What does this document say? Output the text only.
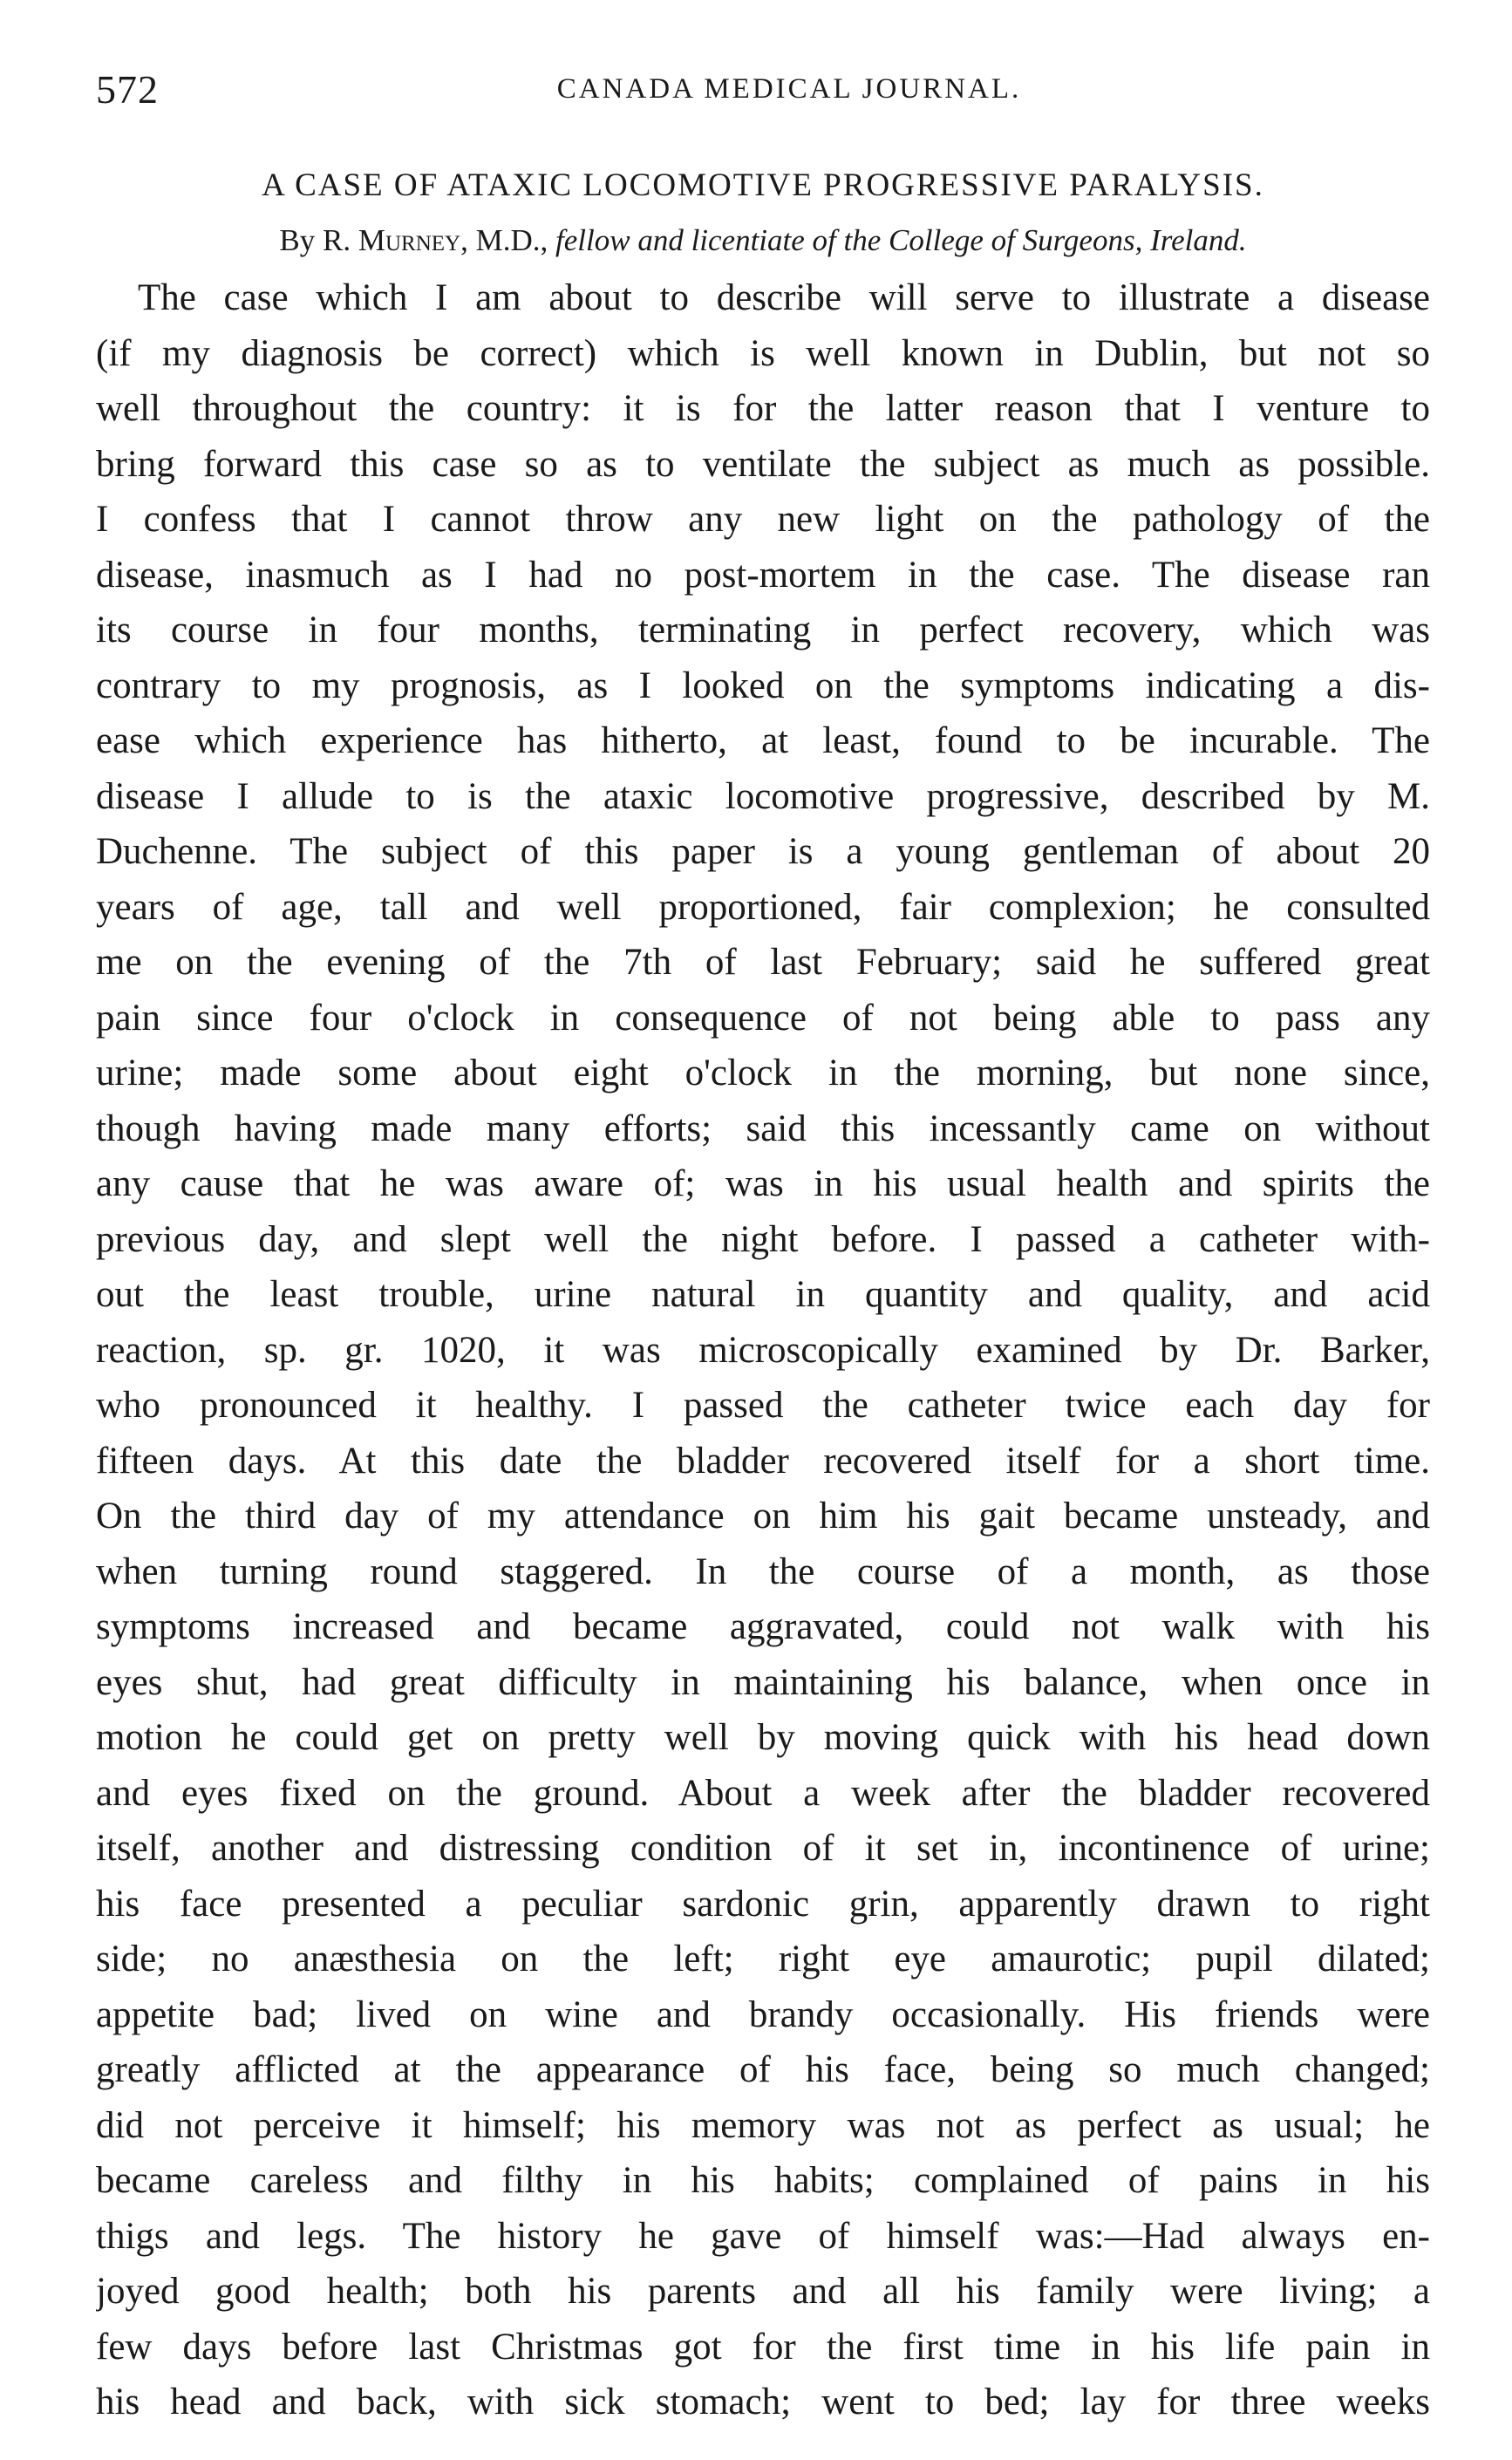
572	CANADA MEDICAL JOURNAL.
A CASE OF ATAXIC LOCOMOTIVE PROGRESSIVE PARALYSIS.
By R. Murney, M.D., fellow and licentiate of the College of Surgeons, Ireland.
The case which I am about to describe will serve to illustrate a disease
(if my diagnosis be correct) which is well known in Dublin, but not so
well throughout the country: it is for the latter reason that I venture to
bring forward this case so as to ventilate the subject as much as possible.
I confess that I cannot throw any new light on the pathology of the
disease, inasmuch as I had no post-mortem in the case. The disease ran
its course in four months, terminating in perfect recovery, which was
contrary to my prognosis, as I looked on the symptoms indicating a dis-
ease which experience has hitherto, at least, found to be incurable. The
disease I allude to is the ataxic locomotive progressive, described by M.
Duchenne. The subject of this paper is a young gentleman of about 20
years of age, tall and well proportioned, fair complexion; he consulted
me on the evening of the 7th of last February; said he suffered great
pain since four o'clock in consequence of not being able to pass any
urine; made some about eight o'clock in the morning, but none since,
though having made many efforts; said this incessantly came on without
any cause that he was aware of; was in his usual health and spirits the
previous day, and slept well the night before. I passed a catheter with-
out the least trouble, urine natural in quantity and quality, and acid
reaction, sp. gr. 1020, it was microscopically examined by Dr. Barker,
who pronounced it healthy. I passed the catheter twice each day for
fifteen days. At this date the bladder recovered itself for a short time.
On the third day of my attendance on him his gait became unsteady, and
when turning round staggered. In the course of a month, as those
symptoms increased and became aggravated, could not walk with his
eyes shut, had great difficulty in maintaining his balance, when once in
motion he could get on pretty well by moving quick with his head down
and eyes fixed on the ground. About a week after the bladder recovered
itself, another and distressing condition of it set in, incontinence of urine;
his face presented a peculiar sardonic grin, apparently drawn to right
side; no anæsthesia on the left; right eye amaurotic; pupil dilated;
appetite bad; lived on wine and brandy occasionally. His friends were
greatly afflicted at the appearance of his face, being so much changed;
did not perceive it himself; his memory was not as perfect as usual; he
became careless and filthy in his habits; complained of pains in his
thigs and legs. The history he gave of himself was:—Had always en-
joyed good health; both his parents and all his family were living; a
few days before last Christmas got for the first time in his life pain in
his head and back, with sick stomach; went to bed; lay for three weeks
